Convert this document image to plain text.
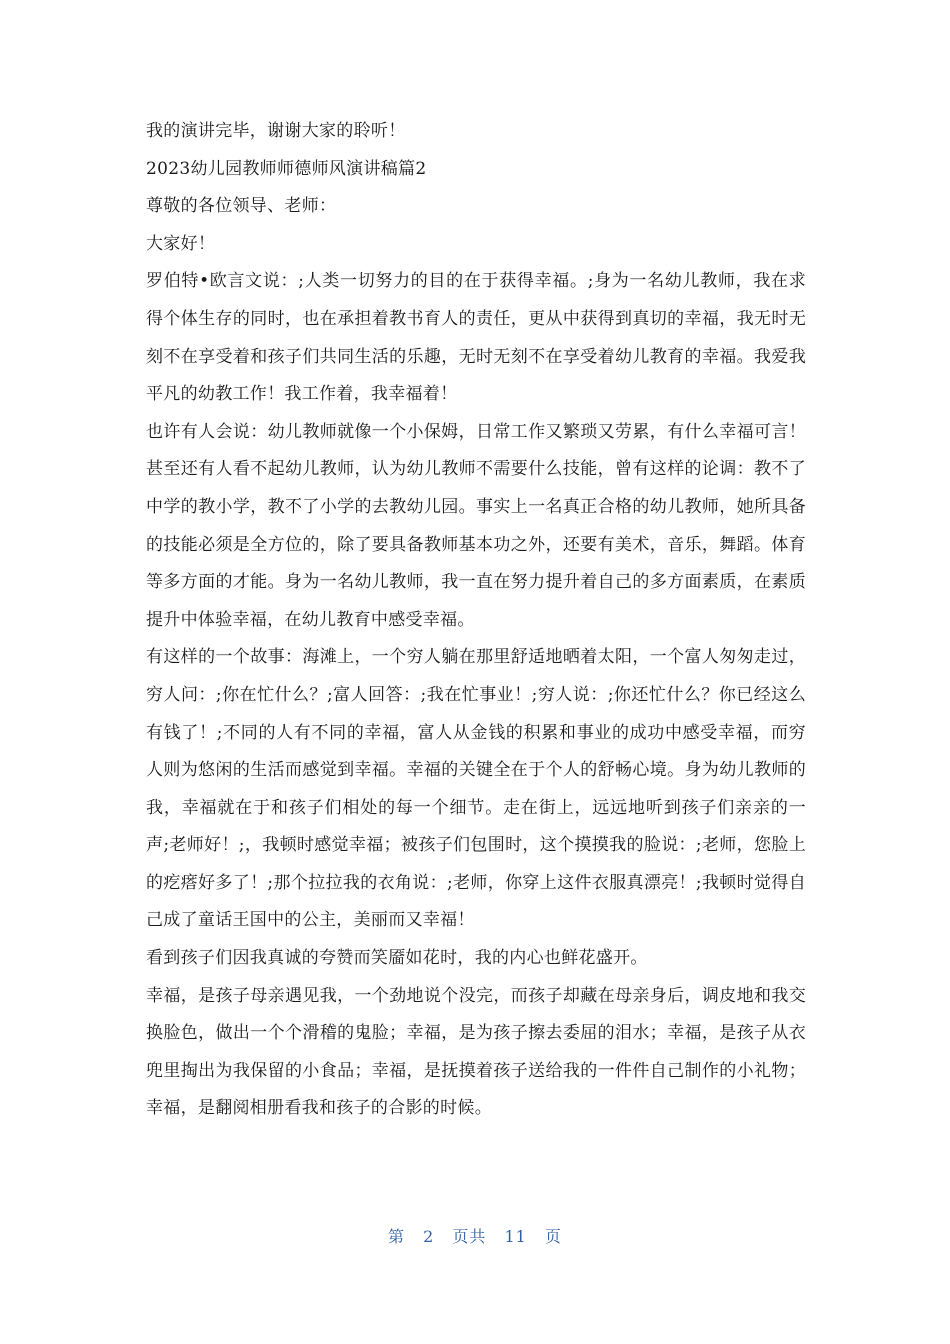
我的演讲完毕，谢谢大家的聆听！

2023幼儿园教师师德师风演讲稿篇2

尊敬的各位领导、老师：

大家好！

罗伯特•欧言文说：;人类一切努力的目的在于获得幸福。;身为一名幼儿教师，我在求得个体生存的同时，也在承担着教书育人的责任，更从中获得到真切的幸福，我无时无刻不在享受着和孩子们共同生活的乐趣，无时无刻不在享受着幼儿教育的幸福。我爱我平凡的幼教工作！我工作着，我幸福着！

也许有人会说：幼儿教师就像一个小保姆，日常工作又繁琐又劳累，有什么幸福可言！甚至还有人看不起幼儿教师，认为幼儿教师不需要什么技能，曾有这样的论调：教不了中学的教小学，教不了小学的去教幼儿园。事实上一名真正合格的幼儿教师，她所具备的技能必须是全方位的，除了要具备教师基本功之外，还要有美术，音乐，舞蹈。体育等多方面的才能。身为一名幼儿教师，我一直在努力提升着自己的多方面素质，在素质提升中体验幸福，在幼儿教育中感受幸福。

有这样的一个故事：海滩上，一个穷人躺在那里舒适地晒着太阳，一个富人匆匆走过，穷人问：;你在忙什么？;富人回答：;我在忙事业！;穷人说：;你还忙什么？你已经这么有钱了！;不同的人有不同的幸福，富人从金钱的积累和事业的成功中感受幸福，而穷人则为悠闲的生活而感觉到幸福。幸福的关键全在于个人的舒畅心境。身为幼儿教师的我，幸福就在于和孩子们相处的每一个细节。走在街上，远远地听到孩子们亲亲的一声;老师好！;，我顿时感觉幸福；被孩子们包围时，这个摸摸我的脸说：;老师，您脸上的疙瘩好多了！;那个拉拉我的衣角说：;老师，你穿上这件衣服真漂亮！;我顿时觉得自己成了童话王国中的公主，美丽而又幸福！

看到孩子们因我真诚的夸赞而笑靥如花时，我的内心也鲜花盛开。

幸福，是孩子母亲遇见我，一个劲地说个没完，而孩子却藏在母亲身后，调皮地和我交换脸色，做出一个个滑稽的鬼脸；幸福，是为孩子擦去委屈的泪水；幸福，是孩子从衣兜里掏出为我保留的小食品；幸福，是抚摸着孩子送给我的一件件自己制作的小礼物；幸福，是翻阅相册看我和孩子的合影的时候。

第 2 页共 11 页
